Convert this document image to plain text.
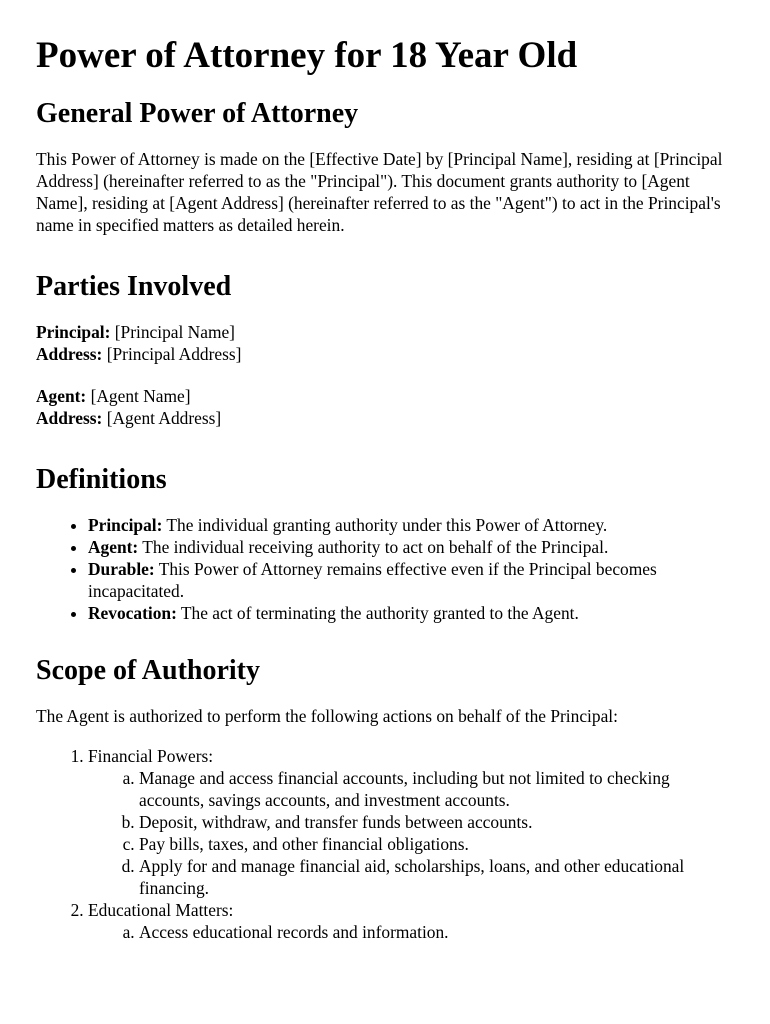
Power of Attorney for 18 Year Old
General Power of Attorney

This Power of Attorney is made on the [Effective Date] by [Principal Name], residing at [Principal Address] (hereinafter referred to as the "Principal"). This document grants authority to [Agent Name], residing at [Agent Address] (hereinafter referred to as the "Agent") to act in the Principal's name in specified matters as detailed herein.

Parties Involved

Principal: [Principal Name]
Address: [Principal Address]

Agent: [Agent Name]
Address: [Agent Address]

Definitions
• Principal: The individual granting authority under this Power of Attorney.
• Agent: The individual receiving authority to act on behalf of the Principal.
• Durable: This Power of Attorney remains effective even if the Principal becomes incapacitated.
• Revocation: The act of terminating the authority granted to the Agent.
Scope of Authority

The Agent is authorized to perform the following actions on behalf of the Principal:

1. Financial Powers:
a. Manage and access financial accounts, including but not limited to checking accounts, savings accounts, and investment accounts.
b. Deposit, withdraw, and transfer funds between accounts.
c. Pay bills, taxes, and other financial obligations.
d. Apply for and manage financial aid, scholarships, loans, and other educational financing.
2. Educational Matters:
a. Access educational records and information.
